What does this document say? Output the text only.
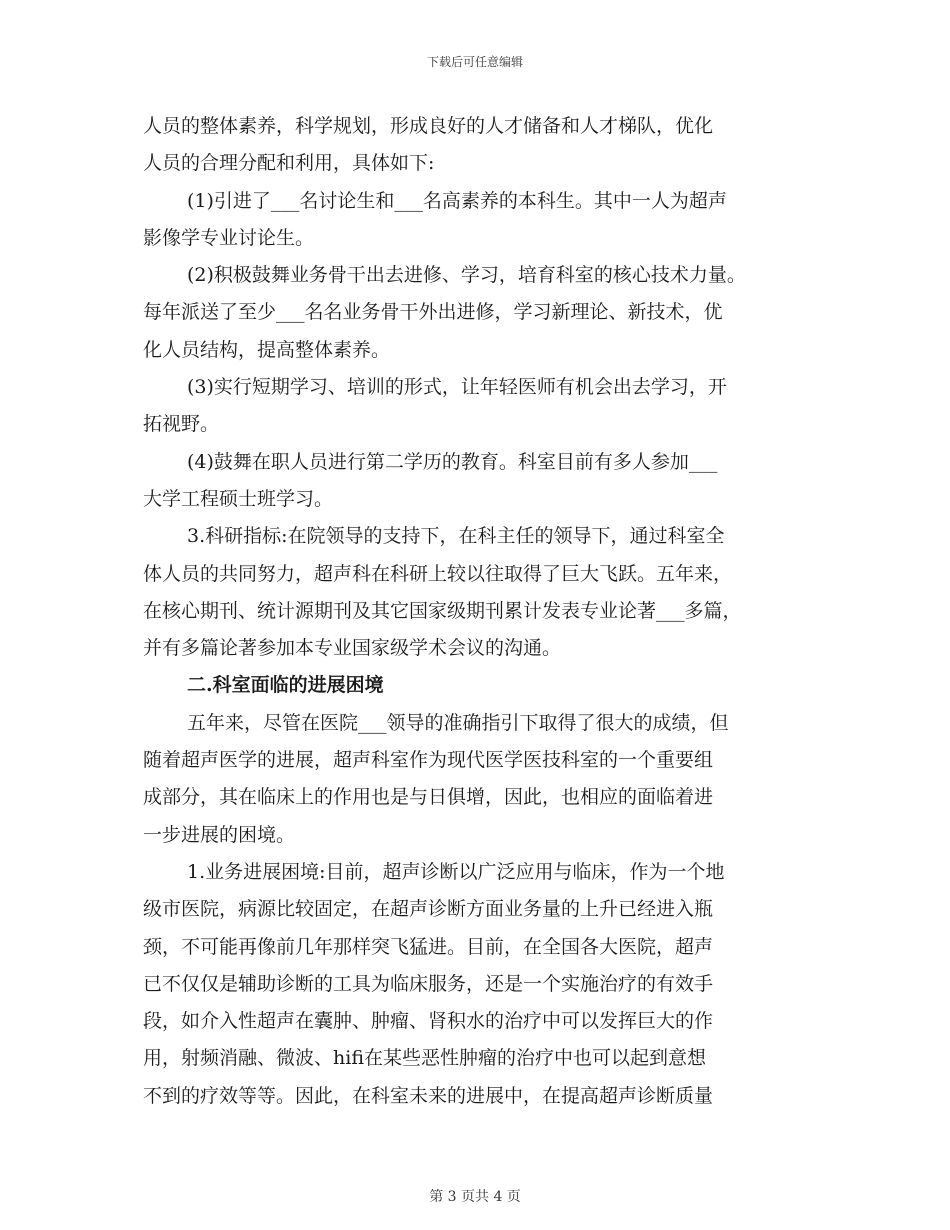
下载后可任意编辑
人员的整体素养，科学规划，形成良好的人才储备和人才梯队，优化
人员的合理分配和利用，具体如下:
(1)引进了___名讨论生和___名高素养的本科生。其中一人为超声
影像学专业讨论生。
(2)积极鼓舞业务骨干出去进修、学习，培育科室的核心技术力量。
每年派送了至少___名名业务骨干外出进修，学习新理论、新技术，优
化人员结构，提高整体素养。
(3)实行短期学习、培训的形式，让年轻医师有机会出去学习，开
拓视野。
(4)鼓舞在职人员进行第二学历的教育。科室目前有多人参加___
大学工程硕士班学习。
3.科研指标:在院领导的支持下，在科主任的领导下，通过科室全
体人员的共同努力，超声科在科研上较以往取得了巨大飞跃。五年来，
在核心期刊、统计源期刊及其它国家级期刊累计发表专业论著___多篇，
并有多篇论著参加本专业国家级学术会议的沟通。
二.科室面临的进展困境
五年来，尽管在医院___领导的准确指引下取得了很大的成绩，但
随着超声医学的进展，超声科室作为现代医学医技科室的一个重要组
成部分，其在临床上的作用也是与日俱增，因此，也相应的面临着进
一步进展的困境。
1.业务进展困境:目前，超声诊断以广泛应用与临床，作为一个地
级市医院，病源比较固定，在超声诊断方面业务量的上升已经进入瓶
颈，不可能再像前几年那样突飞猛进。目前，在全国各大医院，超声
已不仅仅是辅助诊断的工具为临床服务，还是一个实施治疗的有效手
段，如介入性超声在囊肿、肿瘤、肾积水的治疗中可以发挥巨大的作
用，射频消融、微波、hifi在某些恶性肿瘤的治疗中也可以起到意想
不到的疗效等等。因此，在科室未来的进展中，在提高超声诊断质量
第 3 页共 4 页
